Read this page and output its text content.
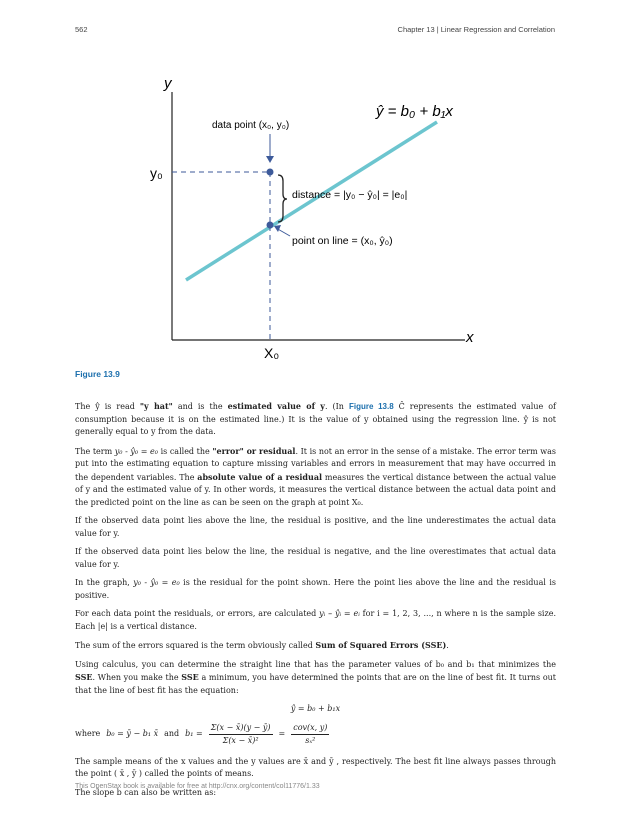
562	Chapter 13 | Linear Regression and Correlation
y
x
ŷ = b₀ + b₁x
data point (x₀, y₀)
distance = |y₀ − ŷ₀| = |e₀|
point on line = (x₀, ŷ₀)
y₀
X₀
Figure 13.9

The ŷ is read "y hat" and is the estimated value of y. (In Figure 13.8 Ĉ represents the estimated value of consumption because it is on the estimated line.) It is the value of y obtained using the regression line. ŷ is not generally equal to y from the data.

The term y₀ - ŷ₀ = e₀ is called the "error" or residual. It is not an error in the sense of a mistake. The error term was put into the estimating equation to capture missing variables and errors in measurement that may have occurred in the dependent variables. The absolute value of a residual measures the vertical distance between the actual value of y and the estimated value of y. In other words, it measures the vertical distance between the actual data point and the predicted point on the line as can be seen on the graph at point X₀.

If the observed data point lies above the line, the residual is positive, and the line underestimates the actual data value for y.

If the observed data point lies below the line, the residual is negative, and the line overestimates that actual data value for y.

In the graph, y₀ - ŷ₀ = e₀ is the residual for the point shown. Here the point lies above the line and the residual is positive.

For each data point the residuals, or errors, are calculated yᵢ – ŷᵢ = eᵢ for i = 1, 2, 3, ..., n where n is the sample size. Each |e| is a vertical distance.

The sum of the errors squared is the term obviously called Sum of Squared Errors (SSE).

Using calculus, you can determine the straight line that has the parameter values of b₀ and b₁ that minimizes the SSE. When you make the SSE a minimum, you have determined the points that are on the line of best fit. It turns out that the line of best fit has the equation:

ŷ = b₀ + b₁x
where b₀ = ȳ − b₁ x̄ and $b_1 = \frac{\Sigma(x - x̄)(y - ȳ)}{\text{Σ(x − x̄)²}} = \frac{\text{cov(x, y)}}{\text{sₓ²}}$

The sample means of the x values and the y values are x̄ and ȳ , respectively. The best fit line always passes through the point ( x̄ , ȳ ) called the points of means.

The slope b can also be written as:

This OpenStax book is available for free at http://cnx.org/content/col11776/1.33
